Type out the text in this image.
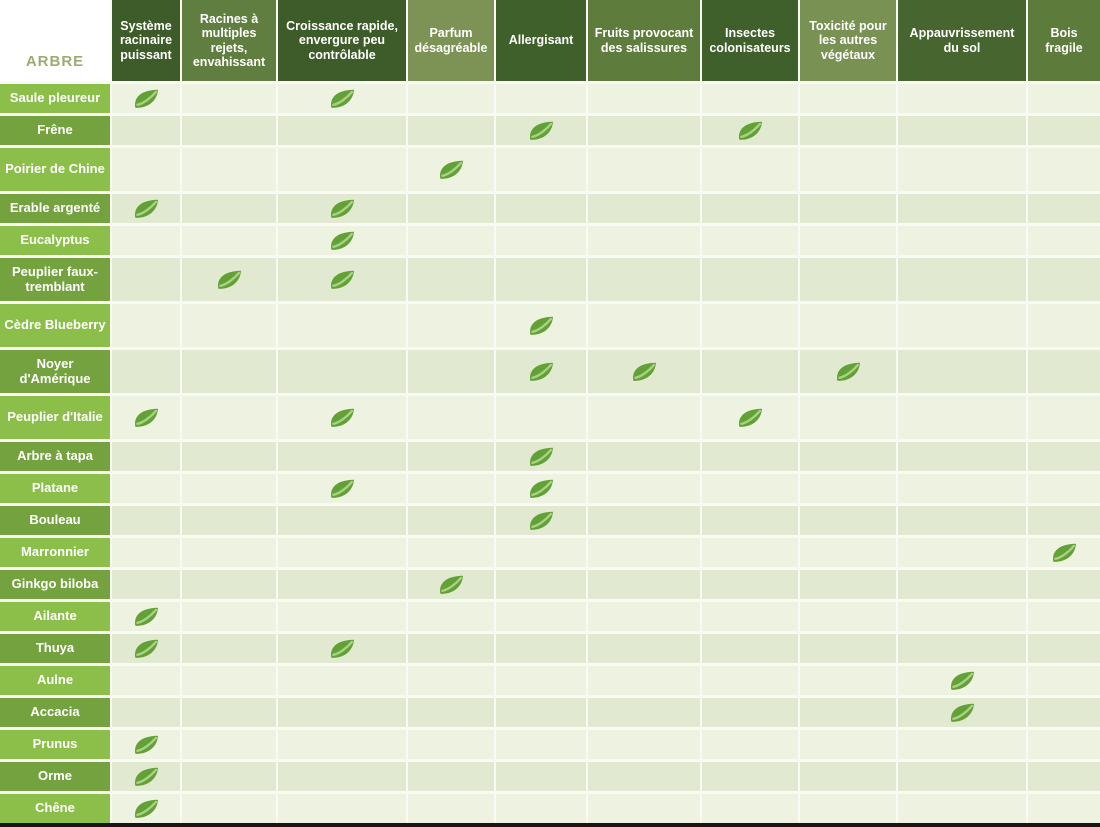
ARBRE
Système racinaire puissant
Racines à multiples rejets, envahissant
Croissance rapide, envergure peu contrôlable
Parfum désagréable
Allergisant
Fruits provocant des salissures
Insectes colonisateurs
Toxicité pour les autres végétaux
Appauvrissement du sol
Bois fragile
Saule pleureur
Frêne
Poirier de Chine
Erable argenté
Eucalyptus
Peuplier faux-tremblant
Cèdre Blueberry
Noyer d'Amérique
Peuplier d'Italie
Arbre à tapa
Platane
Bouleau
Marronnier
Ginkgo biloba
Ailante
Thuya
Aulne
Accacia
Prunus
Orme
Chêne
